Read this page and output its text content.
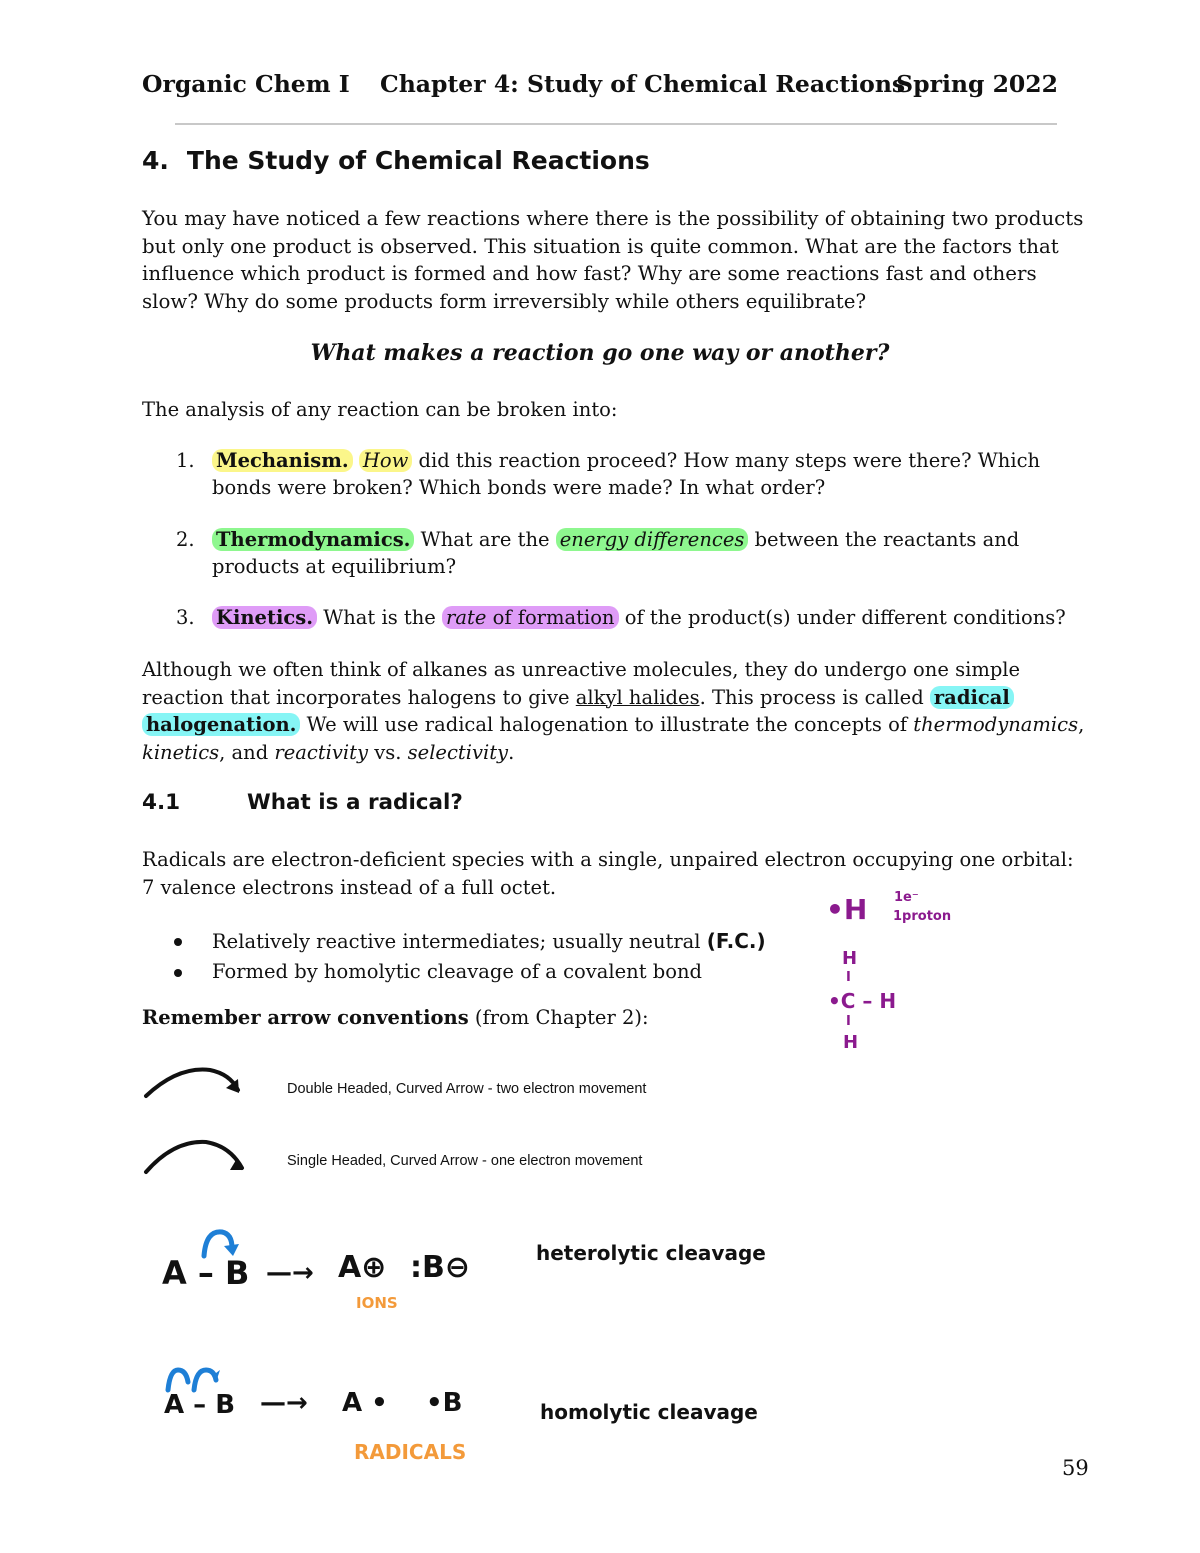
Organic Chem I Chapter 4: Study of Chemical Reactions
Spring 2022
4. The Study of Chemical Reactions
You may have noticed a few reactions where there is the possibility of obtaining two products but only one product is observed. This situation is quite common. What are the factors that influence which product is formed and how fast? Why are some reactions fast and others slow? Why do some products form irreversibly while others equilibrate?
What makes a reaction go one way or another?
The analysis of any reaction can be broken into:
1. Mechanism. How did this reaction proceed? How many steps were there? Which bonds were broken? Which bonds were made? In what order?
2. Thermodynamics. What are the energy differences between the reactants and products at equilibrium?
3. Kinetics. What is the rate of formation of the product(s) under different conditions?
Although we often think of alkanes as unreactive molecules, they do undergo one simple reaction that incorporates halogens to give alkyl halides. This process is called radical halogenation. We will use radical halogenation to illustrate the concepts of thermodynamics, kinetics, and reactivity vs. selectivity.
4.1	What is a radical?
Radicals are electron-deficient species with a single, unpaired electron occupying one orbital: 7 valence electrons instead of a full octet.
Relatively reactive intermediates; usually neutral (F.C.)
Formed by homolytic cleavage of a covalent bond
Remember arrow conventions (from Chapter 2):
Double Headed, Curved Arrow - two electron movement
Single Headed, Curved Arrow - one electron movement
•H 1e⁻
1proton
H
I
•C – H
I
H
A – B —→ A⊕ :B⊖	heterolytic cleavage
IONS
A – B —→ A • •B	homolytic cleavage
RADICALS
59
